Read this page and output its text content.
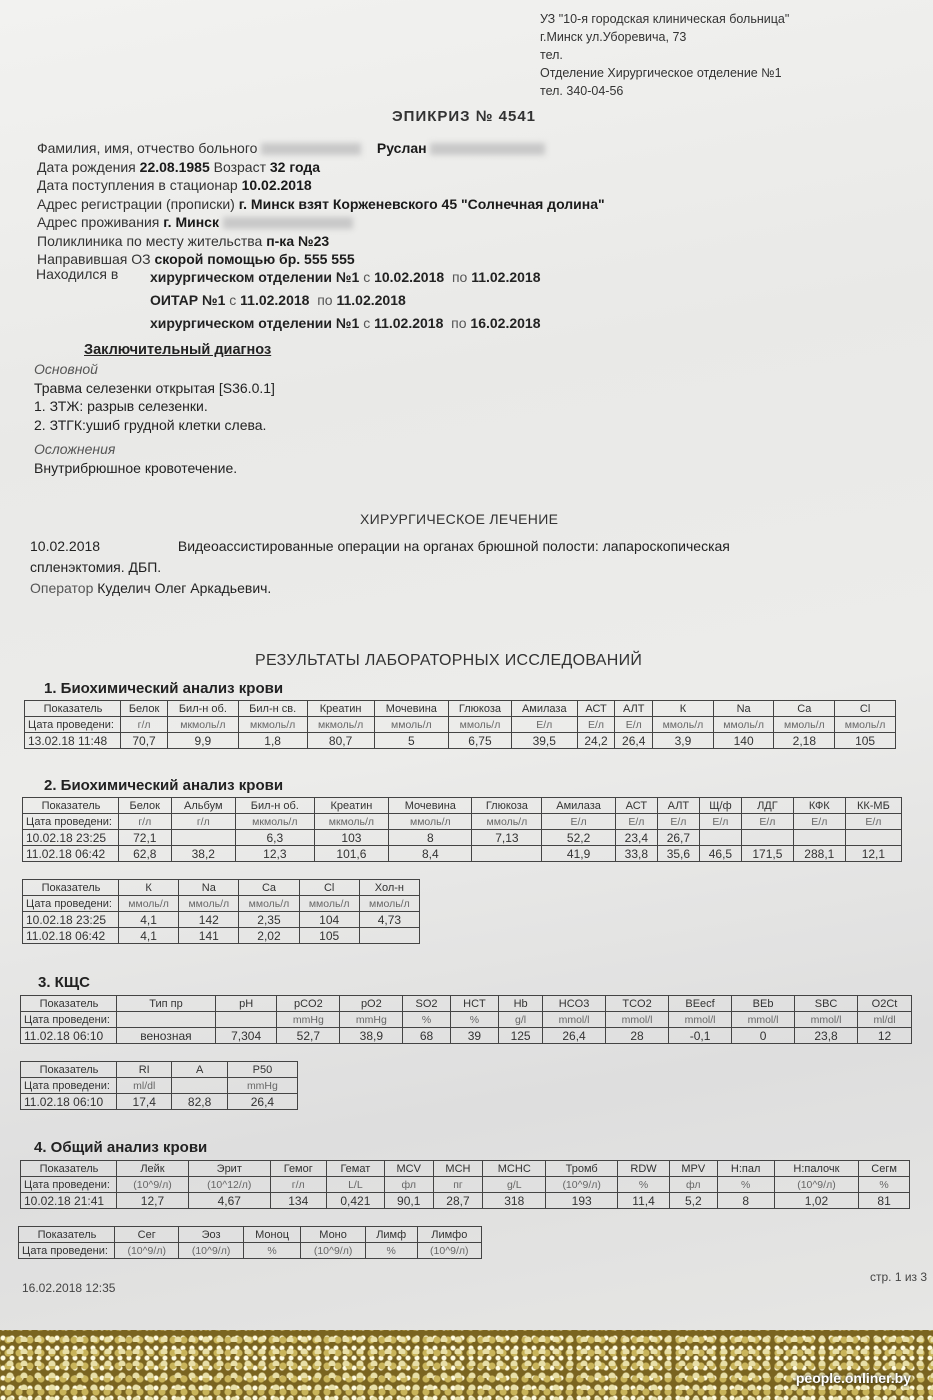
УЗ "10-я городская клиническая больница"
г.Минск ул.Уборевича, 73
тел.
Отделение Хирургическое отделение №1
тел. 340-04-56
ЭПИКРИЗ № 4541
Фамилия, имя, отчество больного	Руслан
Дата рождения 22.08.1985 Возраст 32 года
Дата поступления в стационар 10.02.2018
Адрес регистрации (прописки) г. Минск взят Корженевского 45 "Солнечная долина"
Адрес проживания г. Минск
Поликлиника по месту жительства п-ка №23
Направившая ОЗ скорой помощью бр. 555 555
Находился в хирургическом отделении №1 с 10.02.2018 по 11.02.2018
ОИТАР №1 с 11.02.2018 по 11.02.2018
хирургическом отделении №1 с 11.02.2018 по 16.02.2018
Заключительный диагноз
Основной
Травма селезенки открытая [S36.0.1]
1. ЗТЖ: разрыв селезенки.
2. ЗТГК:ушиб грудной клетки слева.
Осложнения
Внутрибрюшное кровотечение.
ХИРУРГИЧЕСКОЕ ЛЕЧЕНИЕ
10.02.2018	Видеоассистированные операции на органах брюшной полости: лапароскопическая
спленэктомия. ДБП.
Оператор Куделич Олег Аркадьевич.
РЕЗУЛЬТАТЫ ЛАБОРАТОРНЫХ ИССЛЕДОВАНИЙ
1. Биохимический анализ крови
2. Биохимический анализ крови
3. КЩС
4. Общий анализ крови
Показатель	Белок	Бил-н об.	Бил-н св.	Креатин	Мочевина	Глюкоза	Амилаза	АСТ	АЛТ	К	Na	Ca	Cl
Цата проведени:	г/л	мкмоль/л	мкмоль/л	мкмоль/л	ммоль/л	ммоль/л	Е/л	Е/л	Е/л	ммоль/л	ммоль/л	ммоль/л	ммоль/л
13.02.18 11:48	70,7	9,9	1,8	80,7	5	6,75	39,5	24,2	26,4	3,9	140	2,18	105
Показатель	Белок	Альбум	Бил-н об.	Креатин	Мочевина	Глюкоза	Амилаза	АСТ	АЛТ	Щ/ф	ЛДГ	КФК	КК-МБ
Цата проведени:	г/л	г/л	мкмоль/л	мкмоль/л	ммоль/л	ммоль/л	Е/л	Е/л	Е/л	Е/л	Е/л	Е/л	Е/л
10.02.18 23:25	72,1		6,3	103	8	7,13	52,2	23,4	26,7				
11.02.18 06:42	62,8	38,2	12,3	101,6	8,4		41,9	33,8	35,6	46,5	171,5	288,1	12,1
Показатель	К	Na	Ca	Cl	Хол-н
Цата проведени:	ммоль/л	ммоль/л	ммоль/л	ммоль/л	ммоль/л
10.02.18 23:25	4,1	142	2,35	104	4,73
11.02.18 06:42	4,1	141	2,02	105	
Показатель	Тип пр	pH	pCO2	pO2	SO2	HCT	Hb	HCO3	TCO2	BEecf	BEb	SBC	O2Ct
Цата проведени:			mmHg	mmHg	%	%	g/l	mmol/l	mmol/l	mmol/l	mmol/l	mmol/l	ml/dl
11.02.18 06:10	венозная	7,304	52,7	38,9	68	39	125	26,4	28	-0,1	0	23,8	12
Показатель	RI	A	P50
Цата проведени:	ml/dl		mmHg
11.02.18 06:10	17,4	82,8	26,4
Показатель	Лейк	Эрит	Гемог	Гемат	MCV	MCH	MCHC	Тромб	RDW	MPV	Н:пал	Н:палочк	Сегм
Цата проведени:	(10^9/л)	(10^12/л)	г/л	L/L	фл	пг	g/L	(10^9/л)	%	фл	%	(10^9/л)	%
10.02.18 21:41	12,7	4,67	134	0,421	90,1	28,7	318	193	11,4	5,2	8	1,02	81
Показатель	Сег	Эоз	Моноц	Моно	Лимф	Лимфо
Цата проведени:	(10^9/л)	(10^9/л)	%	(10^9/л)	%	(10^9/л)
16.02.2018 12:35
стр. 1 из 3
people.onliner.by
